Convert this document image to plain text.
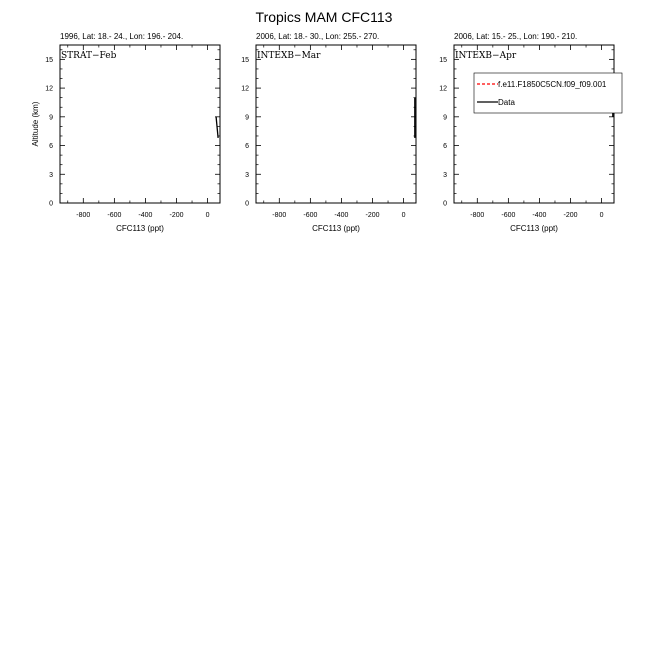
Tropics MAM CFC113
1996, Lat: 18.- 24., Lon: 196.- 204.
-800 -600 -400 -200	0
0
3
6
9
12
15
CFC113 (ppt)
Altitude (km)
STRAT−Feb
2006, Lat: 18.- 30., Lon: 255.- 270.
-800 -600 -400 -200	0
0
3
6
9
12
15
CFC113 (ppt)
INTEXB−Mar
2006, Lat: 15.- 25., Lon: 190.- 210.
-800 -600 -400 -200	0
0
3
6
9
12
15
CFC113 (ppt)
INTEXB−Apr
f.e11.F1850C5CN.f09_f09.001
Data
